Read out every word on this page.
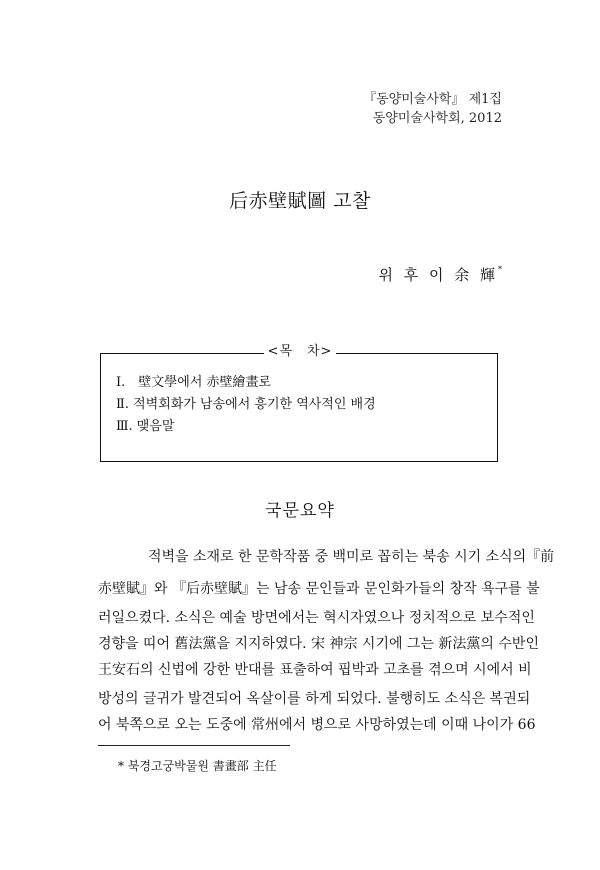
『동양미술사학』 제1집
동양미술사학회, 2012
后赤壁賦圖 고찰
위 후 이 余 輝*
<목　차>
Ⅰ.　壁文學에서 赤壁繪畫로
Ⅱ. 적벽회화가 남송에서 흥기한 역사적인 배경
Ⅲ. 맺음말
국문요약
적벽을 소재로 한 문학작품 중 백미로 꼽히는 북송 시기 소식의『前
赤壁賦』와 『后赤壁賦』는 남송 문인들과 문인화가들의 창작 욕구를 불
러일으켰다. 소식은 예술 방면에서는 혁시자였으나 정치적으로 보수적인
경향을 띠어 舊法黨을 지지하였다. 宋 神宗 시기에 그는 新法黨의 수반인
王安石의 신법에 강한 반대를 표출하여 핍박과 고초를 겪으며 시에서 비
방성의 글귀가 발견되어 옥살이를 하게 되었다. 불행히도 소식은 복권되
어 북쪽으로 오는 도중에 常州에서 병으로 사망하였는데 이때 나이가 66
* 북경고궁박물원 書畫部 主任
